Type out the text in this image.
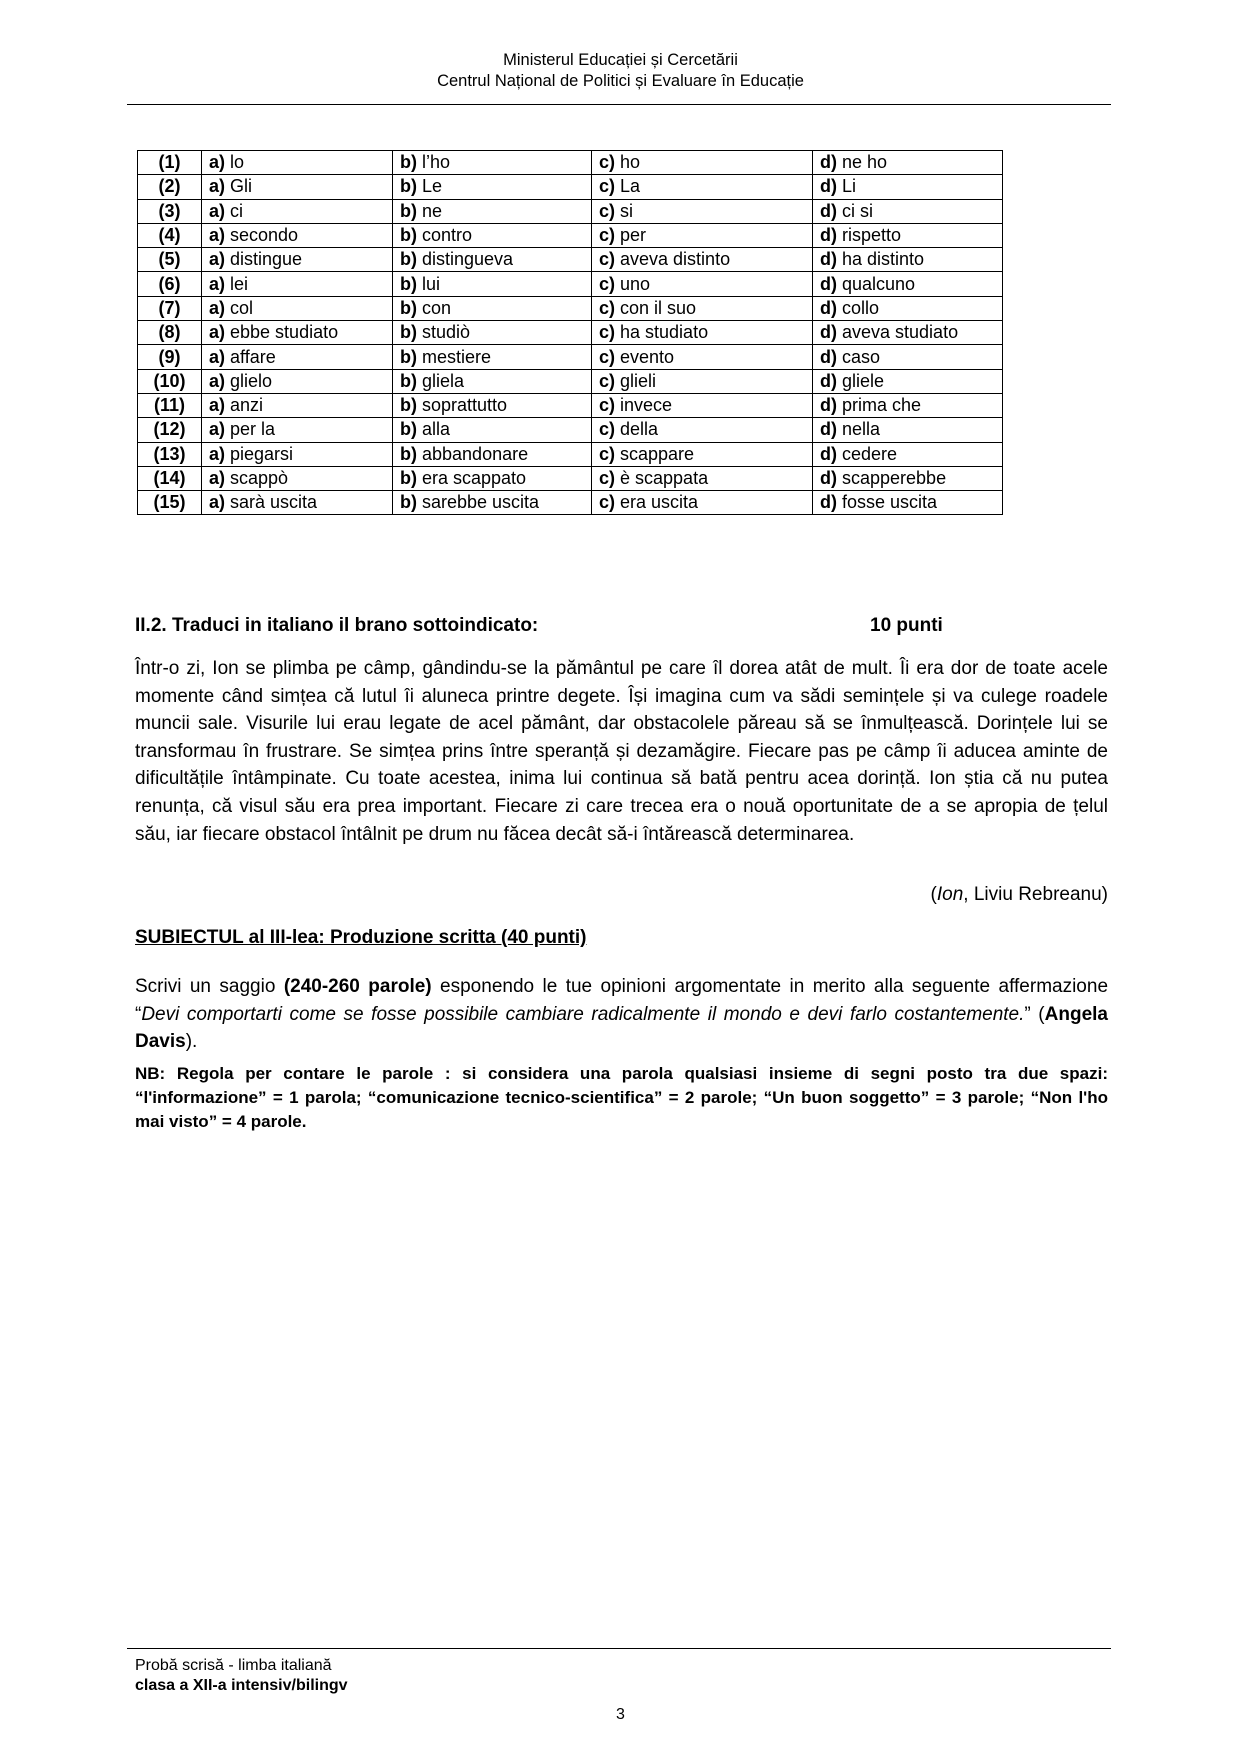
Ministerul Educației și Cercetării
Centrul Național de Politici și Evaluare în Educație
(1)	a) lo	b) l’ho	c) ho	d) ne ho
(2)	a) Gli	b) Le	c) La	d) Li
(3)	a) ci	b) ne	c) si	d) ci si
(4)	a) secondo	b) contro	c) per	d) rispetto
(5)	a) distingue	b) distingueva	c) aveva distinto	d) ha distinto
(6)	a) lei	b) lui	c) uno	d) qualcuno
(7)	a) col	b) con	c) con il suo	d) collo
(8)	a) ebbe studiato	b) studiò	c) ha studiato	d) aveva studiato
(9)	a) affare	b) mestiere	c) evento	d) caso
(10)	a) glielo	b) gliela	c) glieli	d) gliele
(11)	a) anzi	b) soprattutto	c) invece	d) prima che
(12)	a) per la	b) alla	c) della	d) nella
(13)	a) piegarsi	b) abbandonare	c) scappare	d) cedere
(14)	a) scappò	b) era scappato	c) è scappata	d) scapperebbe
(15)	a) sarà uscita	b) sarebbe uscita	c) era uscita	d) fosse uscita
II.2. Traduci in italiano il brano sottoindicato:	10 punti

Într-o zi, Ion se plimba pe câmp, gândindu-se la pământul pe care îl dorea atât de mult. Îi era dor de toate acele momente când simțea că lutul îi aluneca printre degete. Își imagina cum va sădi semințele și va culege roadele muncii sale. Visurile lui erau legate de acel pământ, dar obstacolele păreau să se înmulțească. Dorințele lui se transformau în frustrare. Se simțea prins între speranță și dezamăgire. Fiecare pas pe câmp îi aducea aminte de dificultățile întâmpinate. Cu toate acestea, inima lui continua să bată pentru acea dorință. Ion știa că nu putea renunța, că visul său era prea important. Fiecare zi care trecea era o nouă oportunitate de a se apropia de țelul său, iar fiecare obstacol întâlnit pe drum nu făcea decât să-i întărească determinarea.

(Ion, Liviu Rebreanu)
SUBIECTUL al III-lea: Produzione scritta (40 punti)

Scrivi un saggio (240-260 parole) esponendo le tue opinioni argomentate in merito alla seguente affermazione “Devi comportarti come se fosse possibile cambiare radicalmente il mondo e devi farlo costantemente.” (Angela Davis).

NB: Regola per contare le parole : si considera una parola qualsiasi insieme di segni posto tra due spazi: “l'informazione” = 1 parola; “comunicazione tecnico-scientifica” = 2 parole; “Un buon soggetto” = 3 parole; “Non l'ho mai visto” = 4 parole.

Probă scrisă - limba italiană
clasa a XII-a intensiv/bilingv
3
